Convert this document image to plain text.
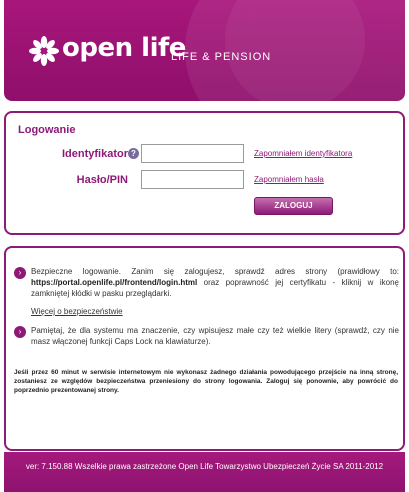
open life
LIFE & PENSION
Logowanie
Identyfikator ?	Zapomniałem identyfikatora
Hasło/PIN	Zapomniałem hasła
ZALOGUJ
›	Bezpieczne logowanie. Zanim się zalogujesz, sprawdź adres strony (prawidłowy to: https://portal.openlife.pl/frontend/login.html oraz poprawność jej certyfikatu - kliknij w ikonę zamkniętej kłódki w pasku przeglądarki.
Więcej o bezpieczeństwie
›	Pamiętaj, że dla systemu ma znaczenie, czy wpisujesz małe czy też wielkie litery (sprawdź, czy nie masz włączonej funkcji Caps Lock na klawiaturze).
Jeśli przez 60 minut w serwisie internetowym nie wykonasz żadnego działania powodującego przejście na inną stronę, zostaniesz ze względów bezpieczeństwa przeniesiony do strony logowania. Zaloguj się ponownie, aby powrócić do poprzednio prezentowanej strony.
ver: 7.150.88 Wszelkie prawa zastrzeżone Open Life Towarzystwo Ubezpieczeń Życie SA 2011-2012
